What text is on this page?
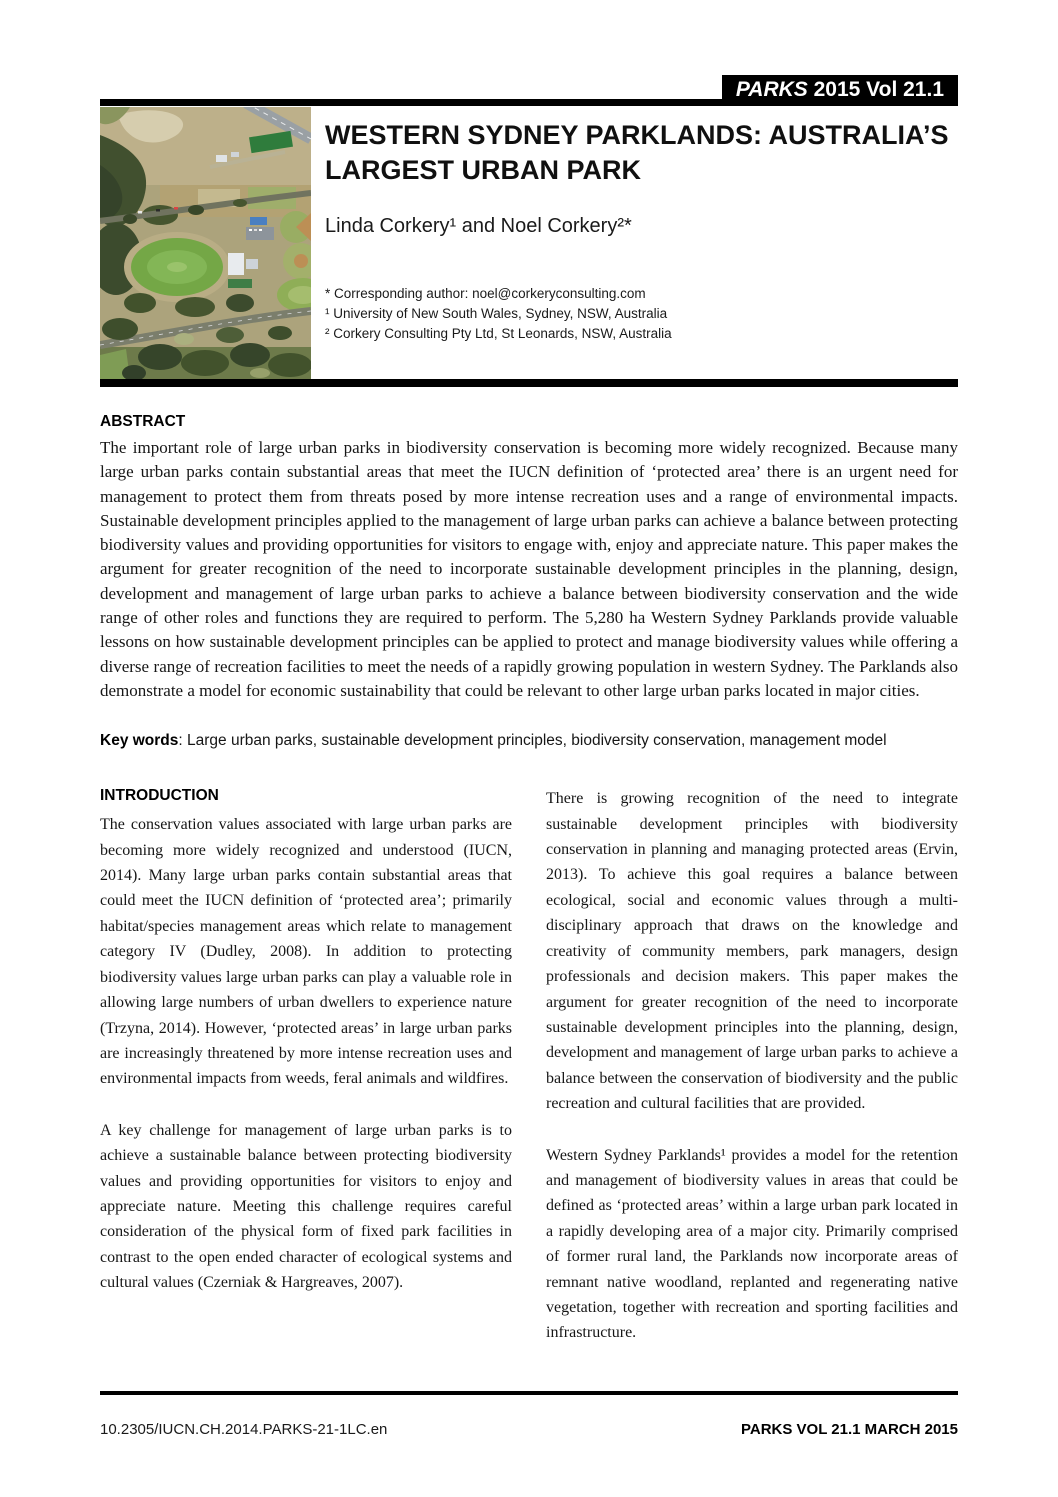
PARKS 2015 Vol 21.1
WESTERN SYDNEY PARKLANDS: AUSTRALIA’S LARGEST URBAN PARK
Linda Corkery¹ and Noel Corkery²*
* Corresponding author: noel@corkeryconsulting.com
¹ University of New South Wales, Sydney, NSW, Australia
² Corkery Consulting Pty Ltd, St Leonards, NSW, Australia
ABSTRACT
The important role of large urban parks in biodiversity conservation is becoming more widely recognized. Because many large urban parks contain substantial areas that meet the IUCN definition of ‘protected area’ there is an urgent need for management to protect them from threats posed by more intense recreation uses and a range of environmental impacts. Sustainable development principles applied to the management of large urban parks can achieve a balance between protecting biodiversity values and providing opportunities for visitors to engage with, enjoy and appreciate nature. This paper makes the argument for greater recognition of the need to incorporate sustainable development principles in the planning, design, development and management of large urban parks to achieve a balance between biodiversity conservation and the wide range of other roles and functions they are required to perform. The 5,280 ha Western Sydney Parklands provide valuable lessons on how sustainable development principles can be applied to protect and manage biodiversity values while offering a diverse range of recreation facilities to meet the needs of a rapidly growing population in western Sydney. The Parklands also demonstrate a model for economic sustainability that could be relevant to other large urban parks located in major cities.
Key words: Large urban parks, sustainable development principles, biodiversity conservation, management model
INTRODUCTION

The conservation values associated with large urban parks are becoming more widely recognized and understood (IUCN, 2014). Many large urban parks contain substantial areas that could meet the IUCN definition of ‘protected area’; primarily habitat/species management areas which relate to management category IV (Dudley, 2008). In addition to protecting biodiversity values large urban parks can play a valuable role in allowing large numbers of urban dwellers to experience nature (Trzyna, 2014). However, ‘protected areas’ in large urban parks are increasingly threatened by more intense recreation uses and environmental impacts from weeds, feral animals and wildfires.

A key challenge for management of large urban parks is to achieve a sustainable balance between protecting biodiversity values and providing opportunities for visitors to enjoy and appreciate nature. Meeting this challenge requires careful consideration of the physical form of fixed park facilities in contrast to the open ended character of ecological systems and cultural values (Czerniak & Hargreaves, 2007).

There is growing recognition of the need to integrate sustainable development principles with biodiversity conservation in planning and managing protected areas (Ervin, 2013). To achieve this goal requires a balance between ecological, social and economic values through a multi-disciplinary approach that draws on the knowledge and creativity of community members, park managers, design professionals and decision makers. This paper makes the argument for greater recognition of the need to incorporate sustainable development principles into the planning, design, development and management of large urban parks to achieve a balance between the conservation of biodiversity and the public recreation and cultural facilities that are provided.

Western Sydney Parklands¹ provides a model for the retention and management of biodiversity values in areas that could be defined as ‘protected areas’ within a large urban park located in a rapidly developing area of a major city. Primarily comprised of former rural land, the Parklands now incorporate areas of remnant native woodland, replanted and regenerating native vegetation, together with recreation and sporting facilities and infrastructure.

10.2305/IUCN.CH.2014.PARKS-21-1LC.en	PARKS VOL 21.1 MARCH 2015
